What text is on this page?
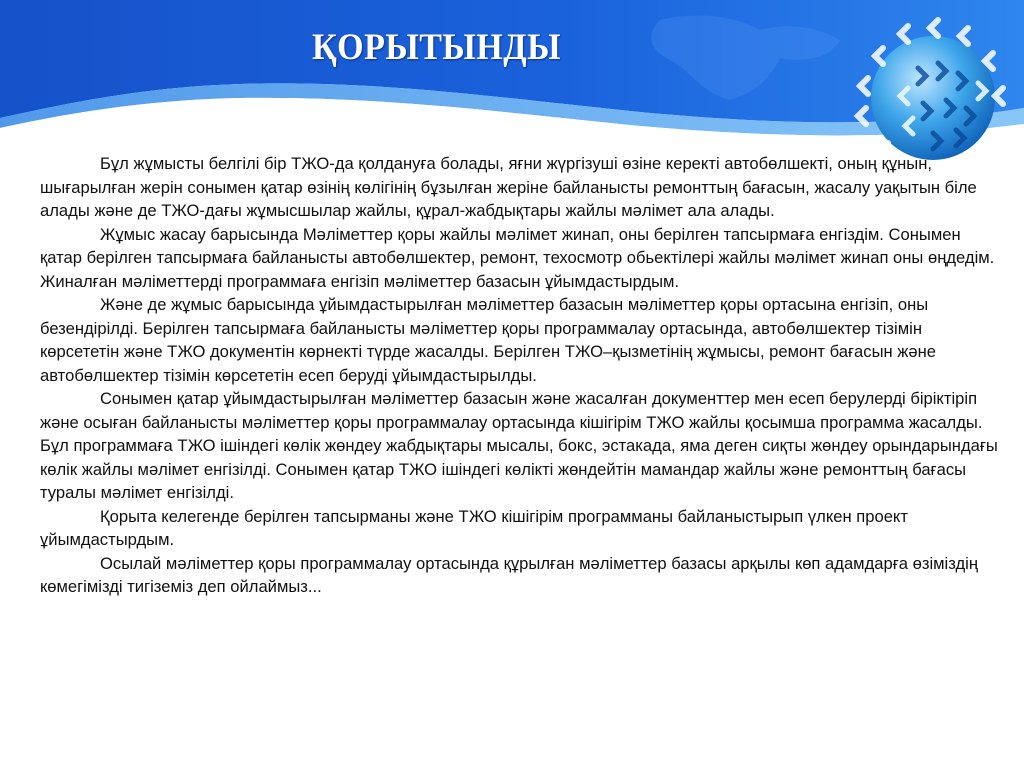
ҚОРЫТЫНДЫ

Бұл жұмысты белгілі бір ТЖО-да қолдануға болады, яғни жүргізуші өзіне керекті автобөлшекті, оның құнын, шығарылған жерін сонымен қатар өзінің көлігінің бұзылған жеріне байланысты ремонттың бағасын, жасалу уақытын біле алады және де ТЖО-дағы жұмысшылар жайлы, құрал-жабдықтары жайлы мәлімет ала алады.

Жұмыс жасау барысында Мәліметтер қоры жайлы мәлімет жинап, оны берілген тапсырмаға енгіздім. Сонымен қатар берілген тапсырмаға байланысты автобөлшектер, ремонт, техосмотр обьектілері жайлы мәлімет жинап оны өңдедім. Жиналған мәліметтерді программаға енгізіп мәліметтер базасын ұйымдастырдым.

Және де жұмыс барысында ұйымдастырылған мәліметтер базасын мәліметтер қоры ортасына енгізіп, оны безендірілді. Берілген тапсырмаға байланысты мәліметтер қоры программалау ортасында, автобөлшектер тізімін көрсететін және ТЖО документін көрнекті түрде жасалды. Берілген ТЖО–қызметінің жұмысы, ремонт бағасын және автобөлшектер тізімін көрсететін есеп беруді ұйымдастырылды.

Сонымен қатар ұйымдастырылған мәліметтер базасын және жасалған документтер мен есеп берулерді біріктіріп және осыған байланысты мәліметтер қоры программалау ортасында кішігірім ТЖО жайлы қосымша программа жасалды. Бұл программаға ТЖО ішіндегі көлік жөндеу жабдықтары мысалы, бокс, эстакада, яма деген сиқты жөндеу орындарындағы көлік жайлы мәлімет енгізілді. Сонымен қатар ТЖО ішіндегі көлікті жөндейтін мамандар жайлы және ремонттың бағасы туралы мәлімет енгізілді.

Қорыта келегенде берілген тапсырманы және ТЖО кішігірім программаны байланыстырып үлкен проект ұйымдастырдым.

Осылай мәліметтер қоры программалау ортасында құрылған мәліметтер базасы арқылы көп адамдарға өзіміздің көмегімізді тигіземіз деп ойлаймыз...
